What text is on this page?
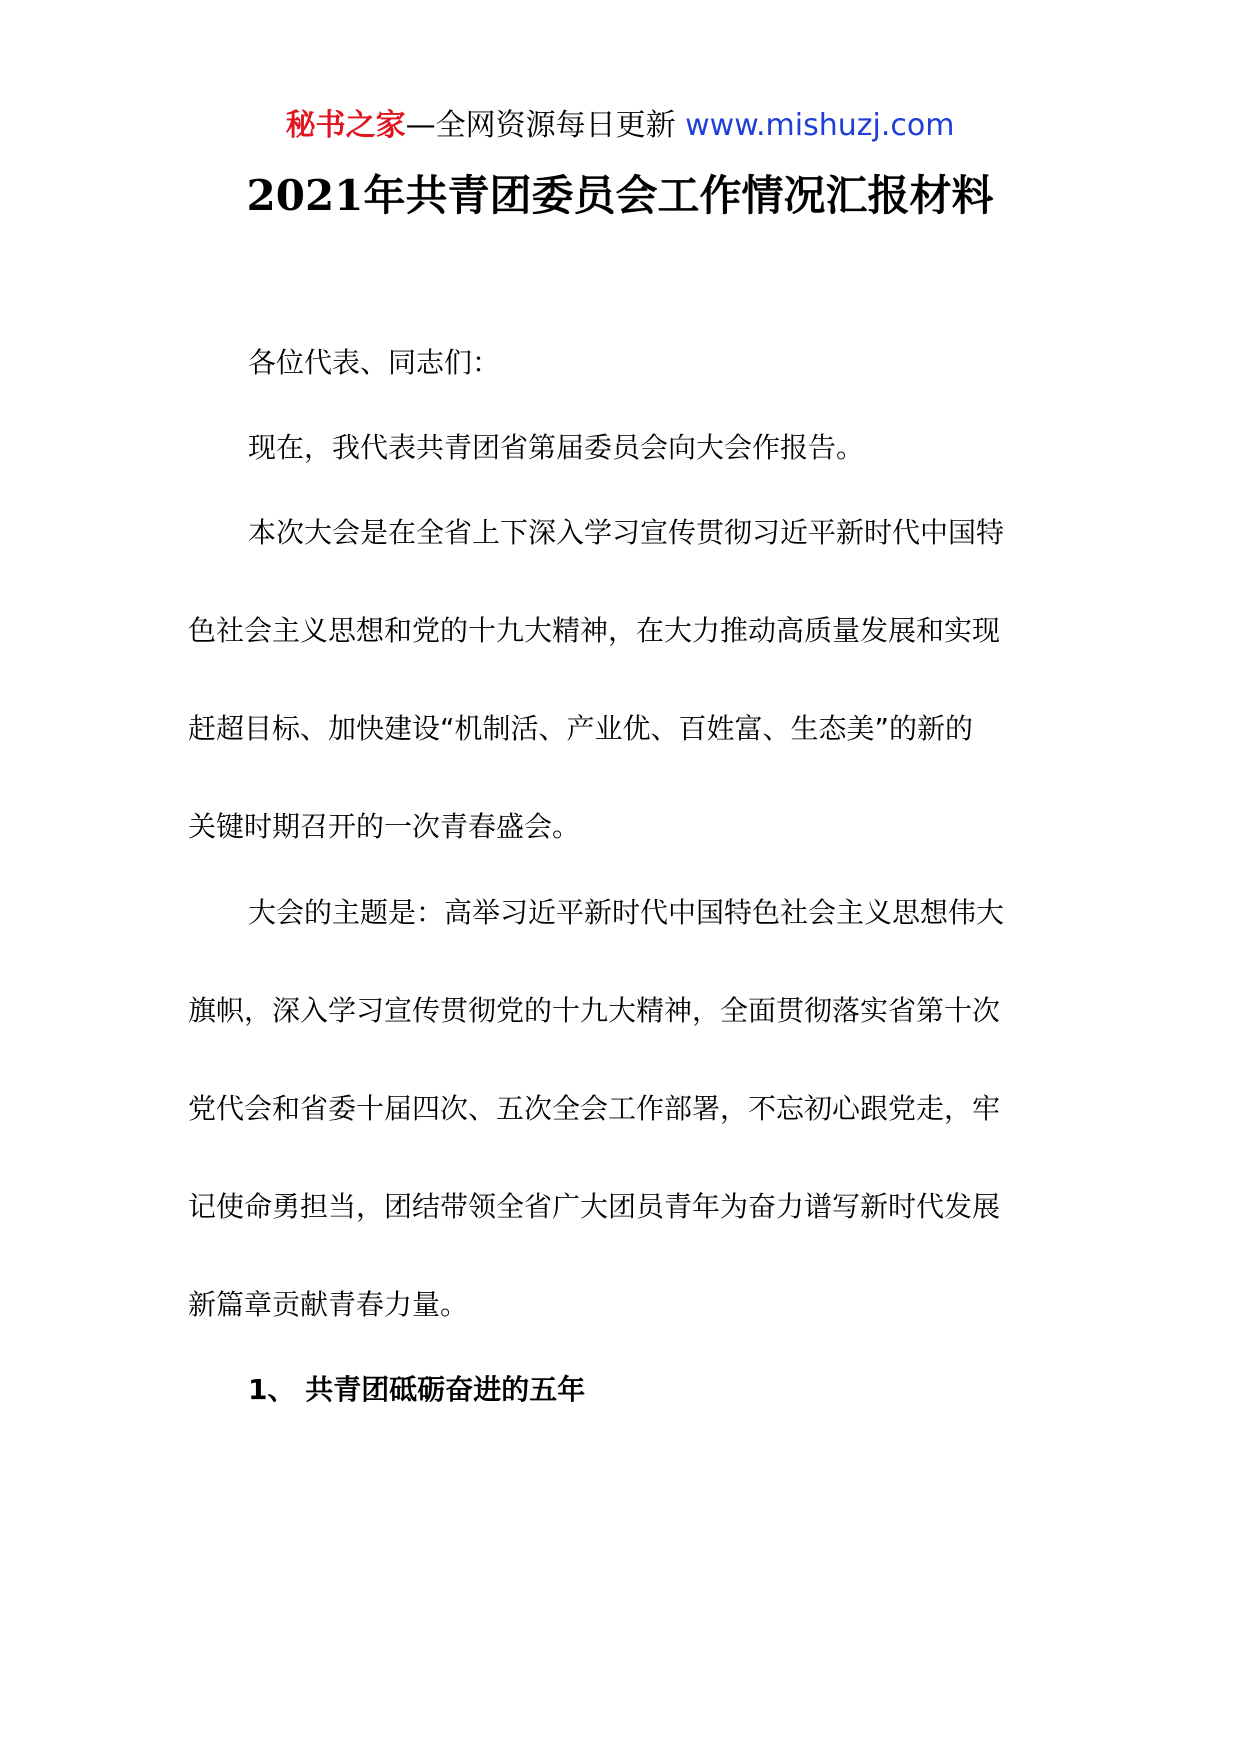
秘书之家—全网资源每日更新 www.mishuzj.com
2021年共青团委员会工作情况汇报材料
各位代表、同志们：
现在，我代表共青团省第届委员会向大会作报告。
本次大会是在全省上下深入学习宣传贯彻习近平新时代中国特
色社会主义思想和党的十九大精神，在大力推动高质量发展和实现
赶超目标、加快建设“机制活、产业优、百姓富、生态美”的新的
关键时期召开的一次青春盛会。
大会的主题是：高举习近平新时代中国特色社会主义思想伟大
旗帜，深入学习宣传贯彻党的十九大精神，全面贯彻落实省第十次
党代会和省委十届四次、五次全会工作部署，不忘初心跟党走，牢
记使命勇担当，团结带领全省广大团员青年为奋力谱写新时代发展
新篇章贡献青春力量。
1、 共青团砥砺奋进的五年
